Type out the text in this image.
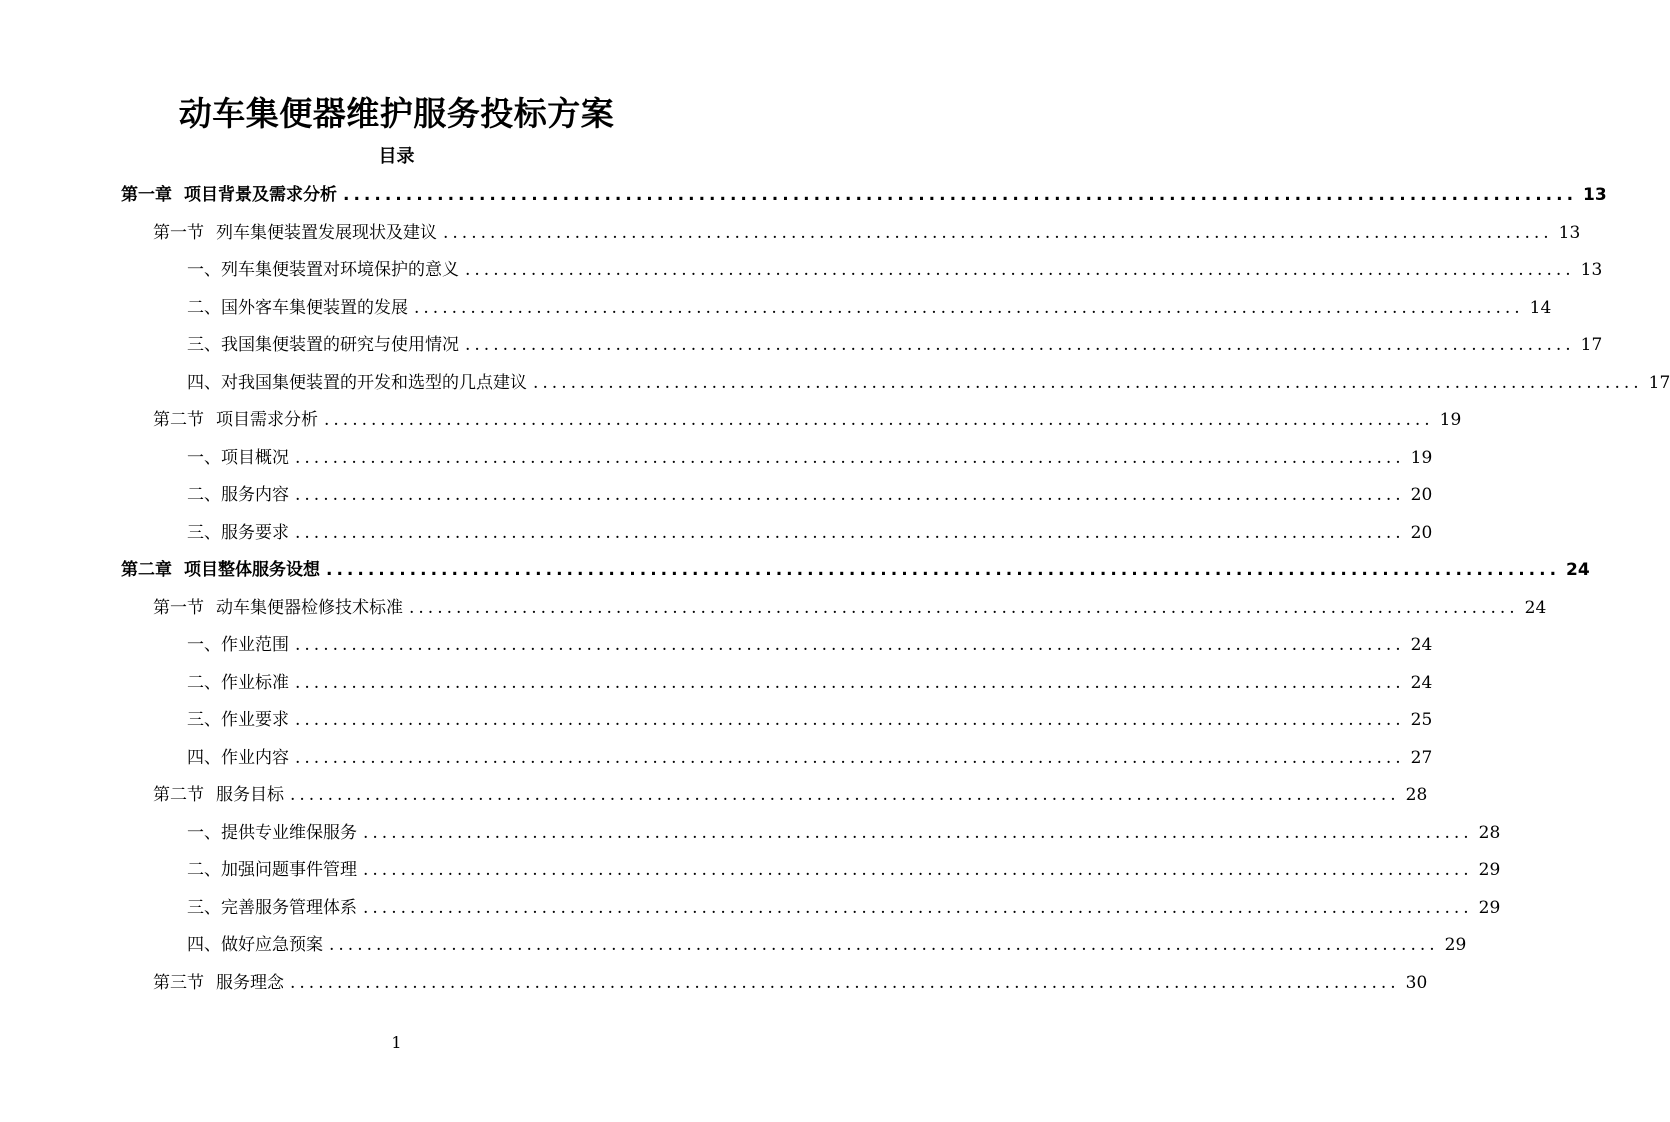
动车集便器维护服务投标方案
目录
第一章 项目背景及需求分析 ...................................................................................................................... 13
第一节 列车集便装置发展现状及建议 ...................................................................................................................... 13
一、列车集便装置对环境保护的意义 ...................................................................................................................... 13
二、国外客车集便装置的发展 ...................................................................................................................... 14
三、我国集便装置的研究与使用情况 ...................................................................................................................... 17
四、对我国集便装置的开发和选型的几点建议 ...................................................................................................................... 17
第二节 项目需求分析 ...................................................................................................................... 19
一、项目概况 ...................................................................................................................... 19
二、服务内容 ...................................................................................................................... 20
三、服务要求 ...................................................................................................................... 20
第二章 项目整体服务设想 ...................................................................................................................... 24
第一节 动车集便器检修技术标准 ...................................................................................................................... 24
一、作业范围 ...................................................................................................................... 24
二、作业标准 ...................................................................................................................... 24
三、作业要求 ...................................................................................................................... 25
四、作业内容 ...................................................................................................................... 27
第二节 服务目标 ...................................................................................................................... 28
一、提供专业维保服务 ...................................................................................................................... 28
二、加强问题事件管理 ...................................................................................................................... 29
三、完善服务管理体系 ...................................................................................................................... 29
四、做好应急预案 ...................................................................................................................... 29
第三节 服务理念 ...................................................................................................................... 30
1
